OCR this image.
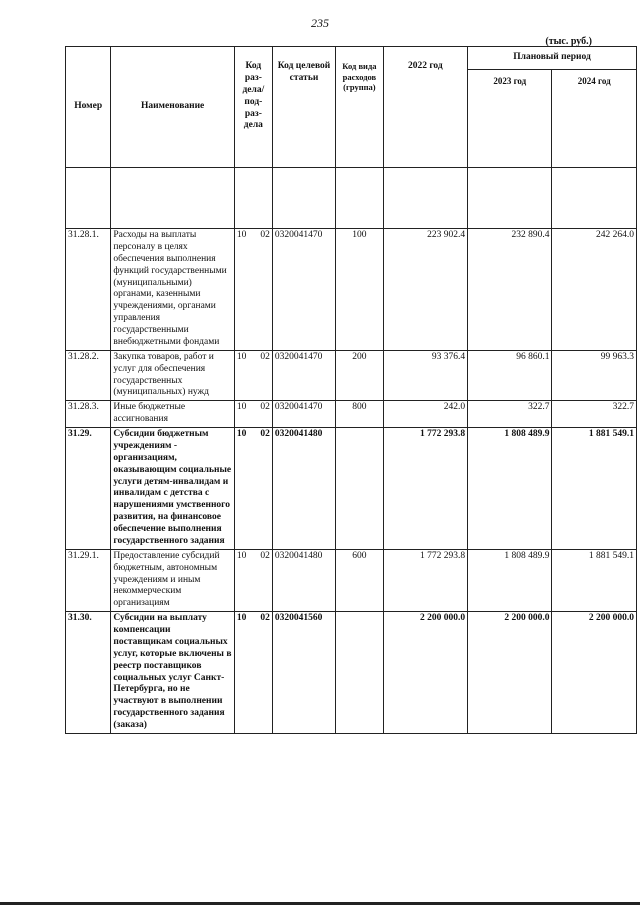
235
(тыс. руб.)
Номер	Наименование	Код раз-дела/ под-раз-дела	Код целевой статьи	Код вида расходов (группа)	2022 год	Плановый период	
						2023 год	2024 год

31.28.1.	Расходы на выплаты персоналу в целях обеспечения выполнения функций государственными (муниципальными) органами, казенными учреждениями, органами управления государственными внебюджетными фондами	10 02	0320041470	100	223 902.4	232 890.4	242 264.0
31.28.2.	Закупка товаров, работ и услуг для обеспечения государственных (муниципальных) нужд	10 02	0320041470	200	93 376.4	96 860.1	99 963.3
31.28.3.	Иные бюджетные ассигнования	10 02	0320041470	800	242.0	322.7	322.7
31.29.	Субсидии бюджетным учреждениям - организациям, оказывающим социальные услуги детям-инвалидам и инвалидам с детства с нарушениями умственного развития, на финансовое обеспечение выполнения государственного задания	10 02	0320041480		1 772 293.8	1 808 489.9	1 881 549.1
31.29.1.	Предоставление субсидий бюджетным, автономным учреждениям и иным некоммерческим организациям	10 02	0320041480	600	1 772 293.8	1 808 489.9	1 881 549.1
31.30.	Субсидии на выплату компенсации поставщикам социальных услуг, которые включены в реестр поставщиков социальных услуг Санкт-Петербурга, но не участвуют в выполнении государственного задания (заказа)	10 02	0320041560		2 200 000.0	2 200 000.0	2 200 000.0
